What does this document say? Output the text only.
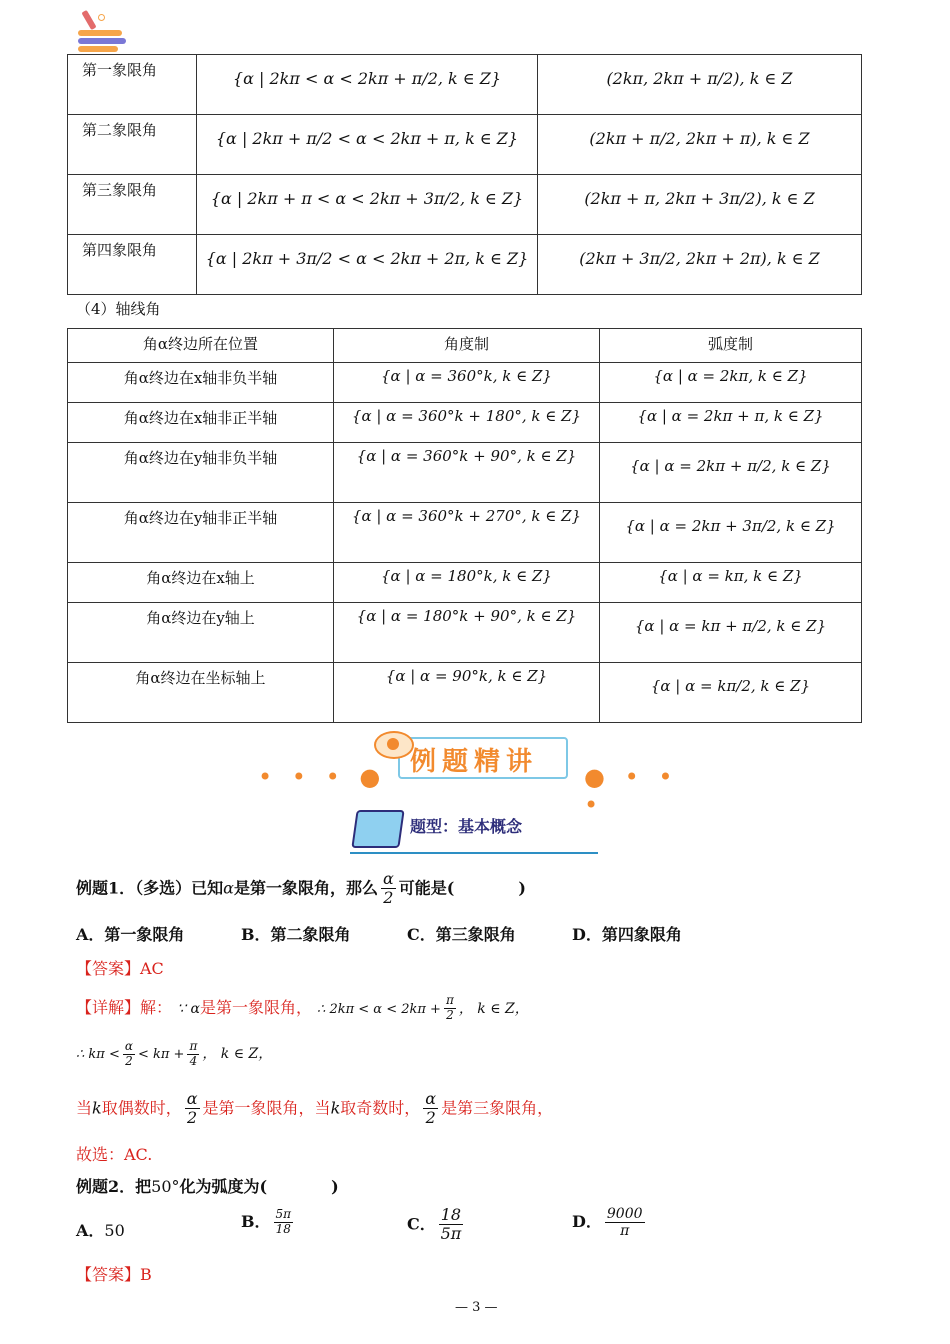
第一象限角	{α | 2kπ < α < 2kπ + π/2, k ∈ Z}	(2kπ, 2kπ + π/2), k ∈ Z
第二象限角	{α | 2kπ + π/2 < α < 2kπ + π, k ∈ Z}	(2kπ + π/2, 2kπ + π), k ∈ Z
第三象限角	{α | 2kπ + π < α < 2kπ + 3π/2, k ∈ Z}	(2kπ + π, 2kπ + 3π/2), k ∈ Z
第四象限角	{α | 2kπ + 3π/2 < α < 2kπ + 2π, k ∈ Z}	(2kπ + 3π/2, 2kπ + 2π), k ∈ Z
（4）轴线角
角α终边所在位置	角度制	弧度制
角α终边在x轴非负半轴	{α | α = 360°k, k ∈ Z}	{α | α = 2kπ, k ∈ Z}
角α终边在x轴非正半轴	{α | α = 360°k + 180°, k ∈ Z}	{α | α = 2kπ + π, k ∈ Z}
角α终边在y轴非负半轴	{α | α = 360°k + 90°, k ∈ Z}	{α | α = 2kπ + π/2, k ∈ Z}
角α终边在y轴非正半轴	{α | α = 360°k + 270°, k ∈ Z}	{α | α = 2kπ + 3π/2, k ∈ Z}
角α终边在x轴上	{α | α = 180°k, k ∈ Z}	{α | α = kπ, k ∈ Z}
角α终边在y轴上	{α | α = 180°k + 90°, k ∈ Z}	{α | α = kπ + π/2, k ∈ Z}
角α终边在坐标轴上	{α | α = 90°k, k ∈ Z}	{α | α = kπ/2, k ∈ Z}
• • • ● 例题精讲 ● • • •
题型：基本概念
例题1．（多选）已知α是第一象限角，那么 $\frac{\alpha}{2}$ 可能是(　　　　)
A．第一象限角	B．第二象限角	C．第三象限角	D．第四象限角
【答案】AC
【详解】解： ∵ α是第一象限角， ∴ $2k\pi < \alpha < 2k\pi + \frac{\pi}{2}$ ， k ∈ Z，
∴ $k\pi < \frac{\alpha}{2} < k\pi + \frac{\pi}{4}$ ， k ∈ Z，
当k取偶数时， $\frac{\alpha}{2}$ 是第一象限角，当k取奇数时， $\frac{\alpha}{2}$ 是第三象限角，
故选：AC.
例题2．把50°化为弧度为(　　　　)
A．50	B． $\frac{5\pi}{18}$	C． $\frac{18}{5\pi}$	D． $\frac{9000}{\pi}$
【答案】B
— 3 —
